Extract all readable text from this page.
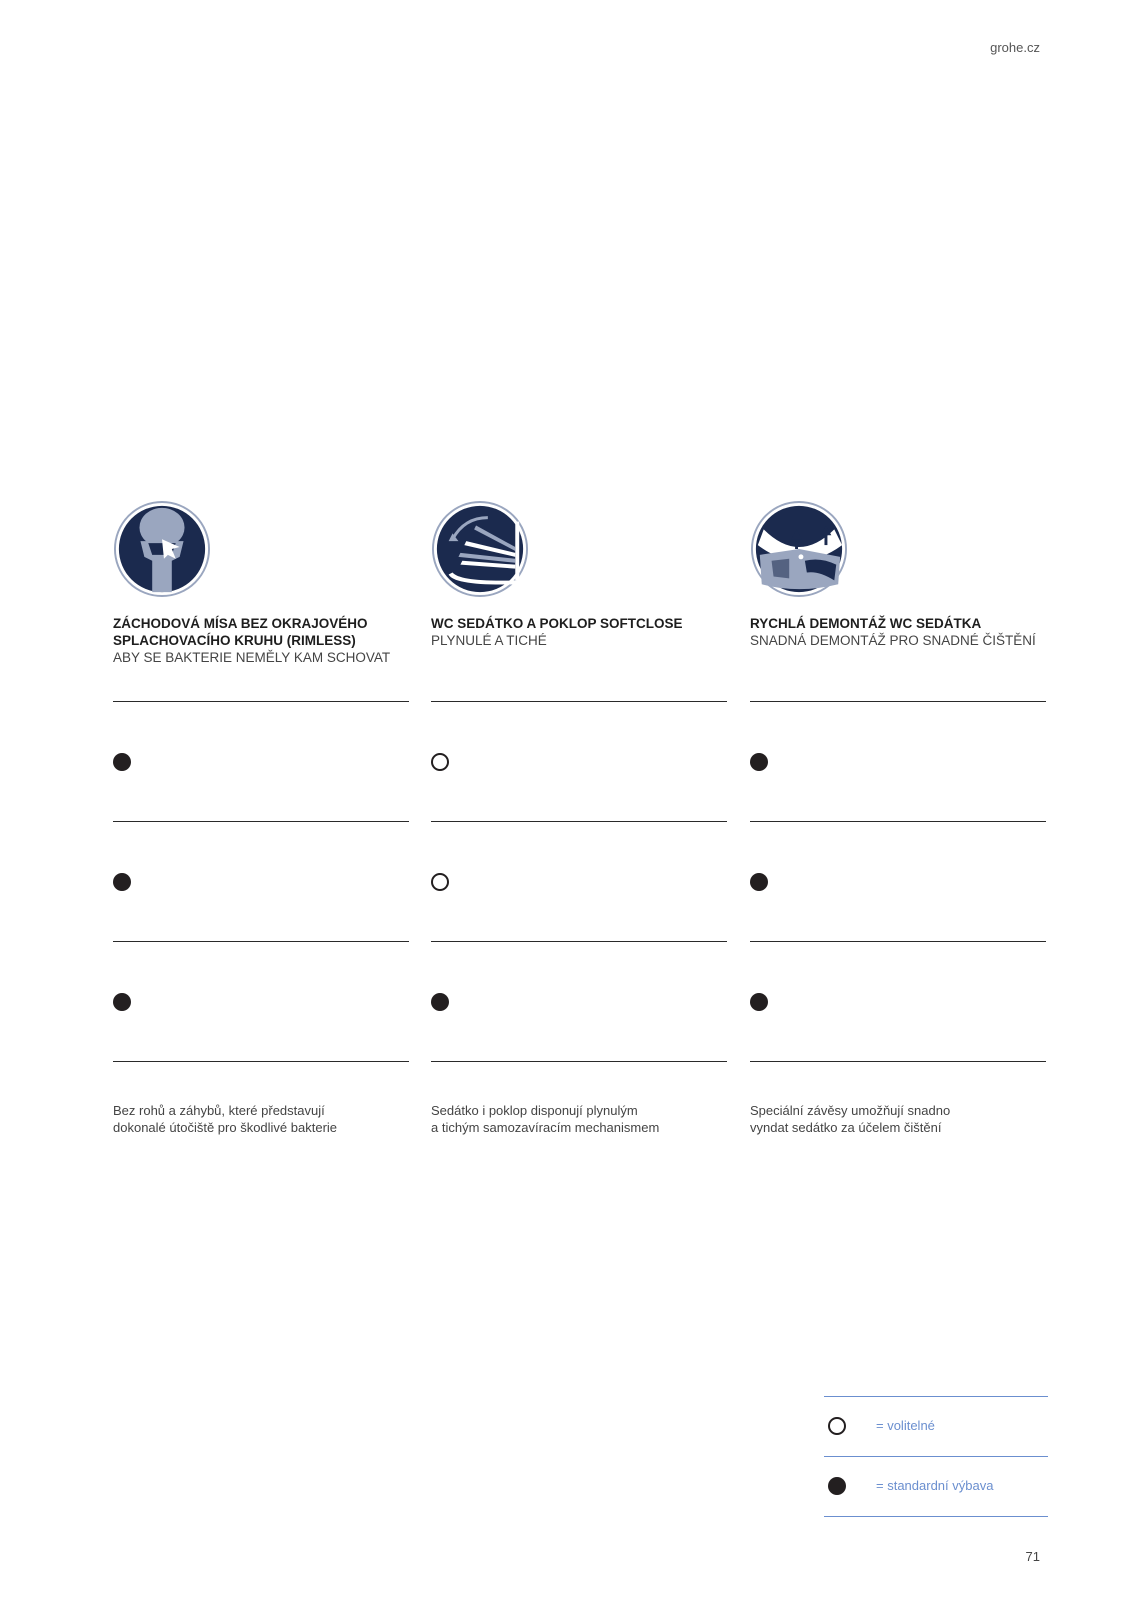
grohe.cz
ZÁCHODOVÁ MÍSA BEZ OKRAJOVÉHO
SPLACHOVACÍHO KRUHU (RIMLESS)
ABY SE BAKTERIE NEMĚLY KAM SCHOVAT
Bez rohů a záhybů, které představují
dokonalé útočiště pro škodlivé bakterie
WC SEDÁTKO A POKLOP SOFTCLOSE
PLYNULÉ A TICHÉ
Sedátko i poklop disponují plynulým
a tichým samozavíracím mechanismem
RYCHLÁ DEMONTÁŽ WC SEDÁTKA
SNADNÁ DEMONTÁŽ PRO SNADNÉ ČIŠTĚNÍ
Speciální závěsy umožňují snadno
vyndat sedátko za účelem čištění
= volitelné
= standardní výbava
71
